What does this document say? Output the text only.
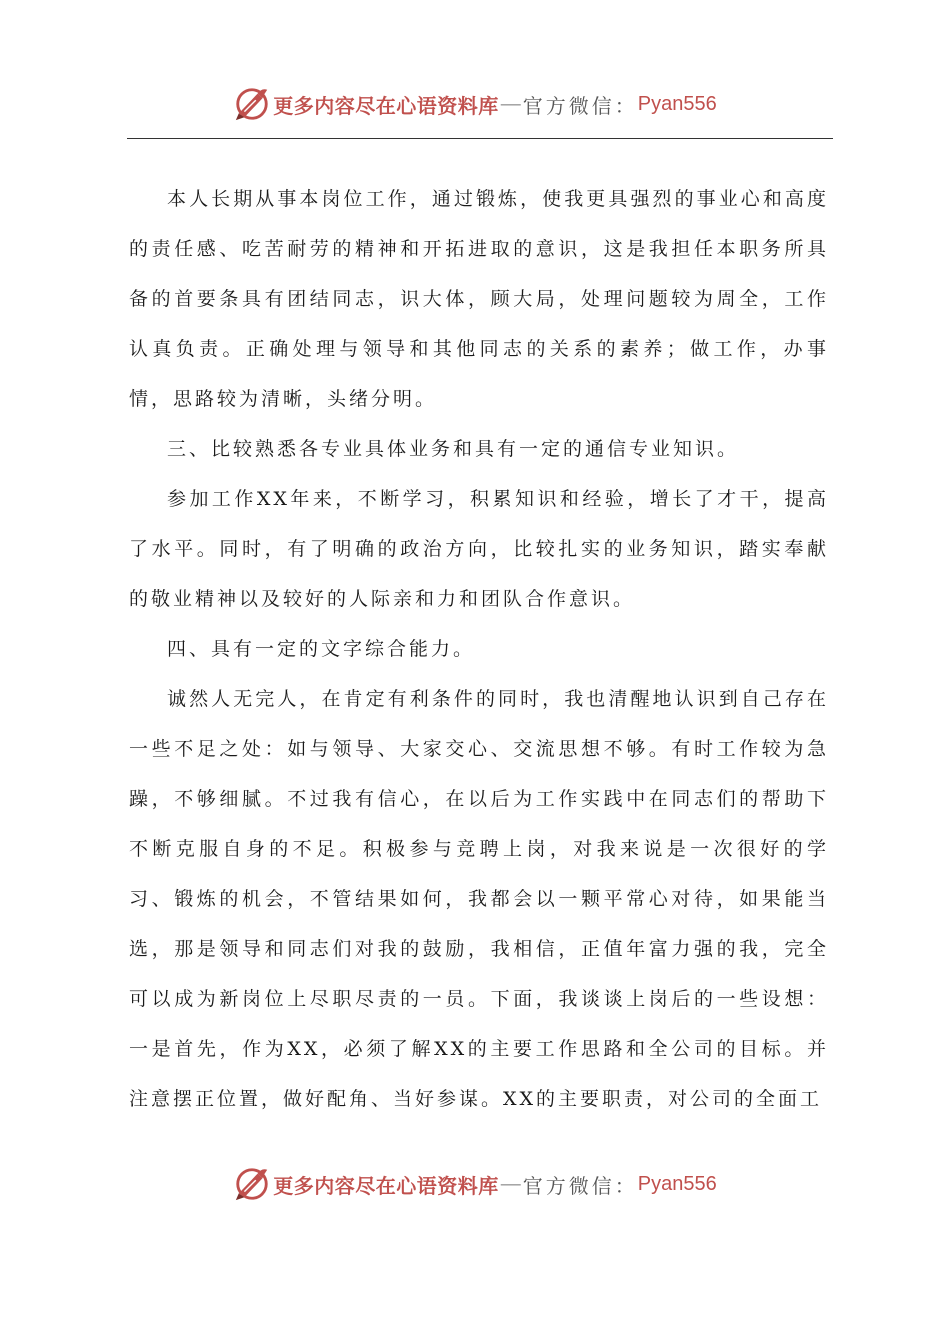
更多内容尽在心语资料库 — 官方微信： Pyan556

本人长期从事本岗位工作，通过锻炼，使我更具强烈的事业心和高度的责任感、吃苦耐劳的精神和开拓进取的意识，这是我担任本职务所具备的首要条具有团结同志，识大体，顾大局，处理问题较为周全，工作认真负责。正确处理与领导和其他同志的关系的素养；做工作，办事情，思路较为清晰，头绪分明。

三、比较熟悉各专业具体业务和具有一定的通信专业知识。

参加工作XX年来，不断学习，积累知识和经验，增长了才干，提高了水平。同时，有了明确的政治方向，比较扎实的业务知识，踏实奉献的敬业精神以及较好的人际亲和力和团队合作意识。

四、具有一定的文字综合能力。

诚然人无完人，在肯定有利条件的同时，我也清醒地认识到自己存在一些不足之处：如与领导、大家交心、交流思想不够。有时工作较为急躁，不够细腻。不过我有信心，在以后为工作实践中在同志们的帮助下不断克服自身的不足。积极参与竞聘上岗，对我来说是一次很好的学习、锻炼的机会，不管结果如何，我都会以一颗平常心对待，如果能当选，那是领导和同志们对我的鼓励，我相信，正值年富力强的我，完全可以成为新岗位上尽职尽责的一员。下面，我谈谈上岗后的一些设想：一是首先，作为XX，必须了解XX的主要工作思路和全公司的目标。并注意摆正位置，做好配角、当好参谋。XX的主要职责，对公司的全面工

更多内容尽在心语资料库 — 官方微信： Pyan556
